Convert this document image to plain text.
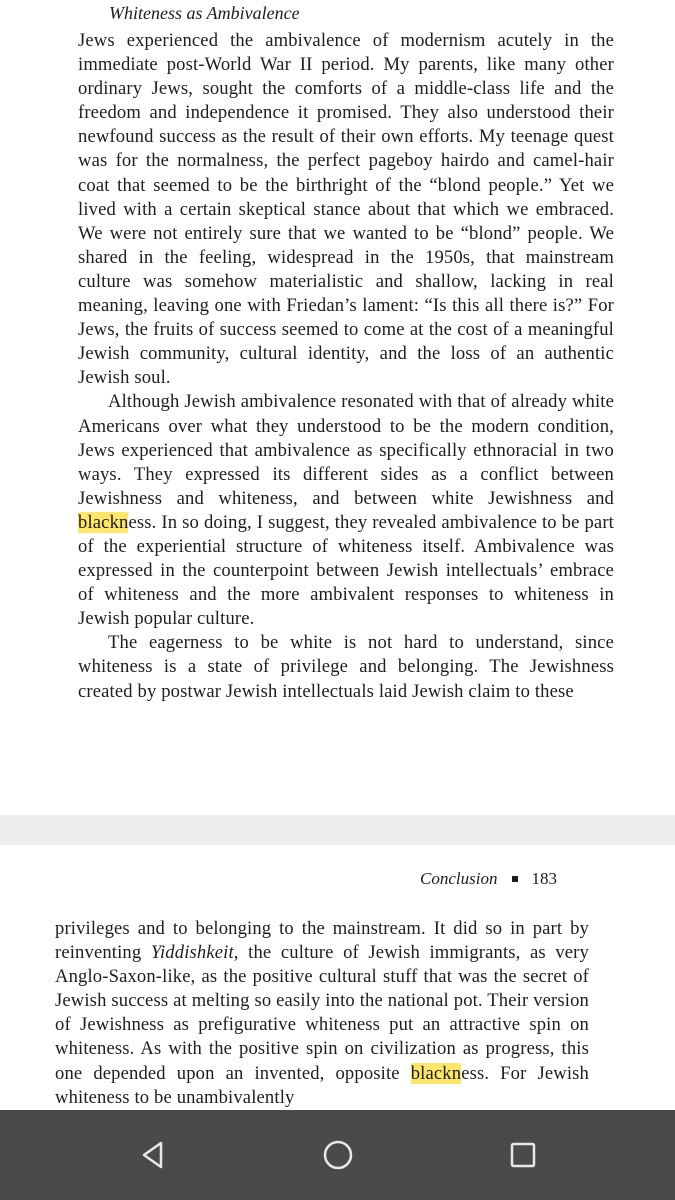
Whiteness as Ambivalence

Jews experienced the ambivalence of modernism acutely in the immediate post-World War II period. My parents, like many other ordinary Jews, sought the comforts of a middle-class life and the freedom and independence it promised. They also understood their newfound success as the result of their own efforts. My teenage quest was for the normalness, the perfect pageboy hairdo and camel-hair coat that seemed to be the birthright of the “blond people.” Yet we lived with a certain skeptical stance about that which we embraced. We were not entirely sure that we wanted to be “blond” people. We shared in the feeling, widespread in the 1950s, that mainstream culture was somehow materialistic and shallow, lacking in real meaning, leaving one with Friedan’s lament: “Is this all there is?” For Jews, the fruits of success seemed to come at the cost of a meaningful Jewish community, cultural identity, and the loss of an authentic Jewish soul.

Although Jewish ambivalence resonated with that of already white Americans over what they understood to be the modern condition, Jews experienced that ambivalence as specifically ethnoracial in two ways. They expressed its different sides as a conflict between Jewishness and whiteness, and between white Jewishness and blackness. In so doing, I suggest, they revealed ambivalence to be part of the experiential structure of whiteness itself. Ambivalence was expressed in the counterpoint between Jewish intellectuals’ embrace of whiteness and the more ambivalent responses to whiteness in Jewish popular culture.

The eagerness to be white is not hard to understand, since whiteness is a state of privilege and belonging. The Jewishness created by postwar Jewish intellectuals laid Jewish claim to these

Conclusion 183

privileges and to belonging to the mainstream. It did so in part by reinventing Yiddishkeit, the culture of Jewish immigrants, as very Anglo-Saxon-like, as the positive cultural stuff that was the secret of Jewish success at melting so easily into the national pot. Their version of Jewishness as prefigurative whiteness put an attractive spin on whiteness. As with the positive spin on civilization as progress, this one depended upon an invented, opposite blackness. For Jewish whiteness to be unambivalently
